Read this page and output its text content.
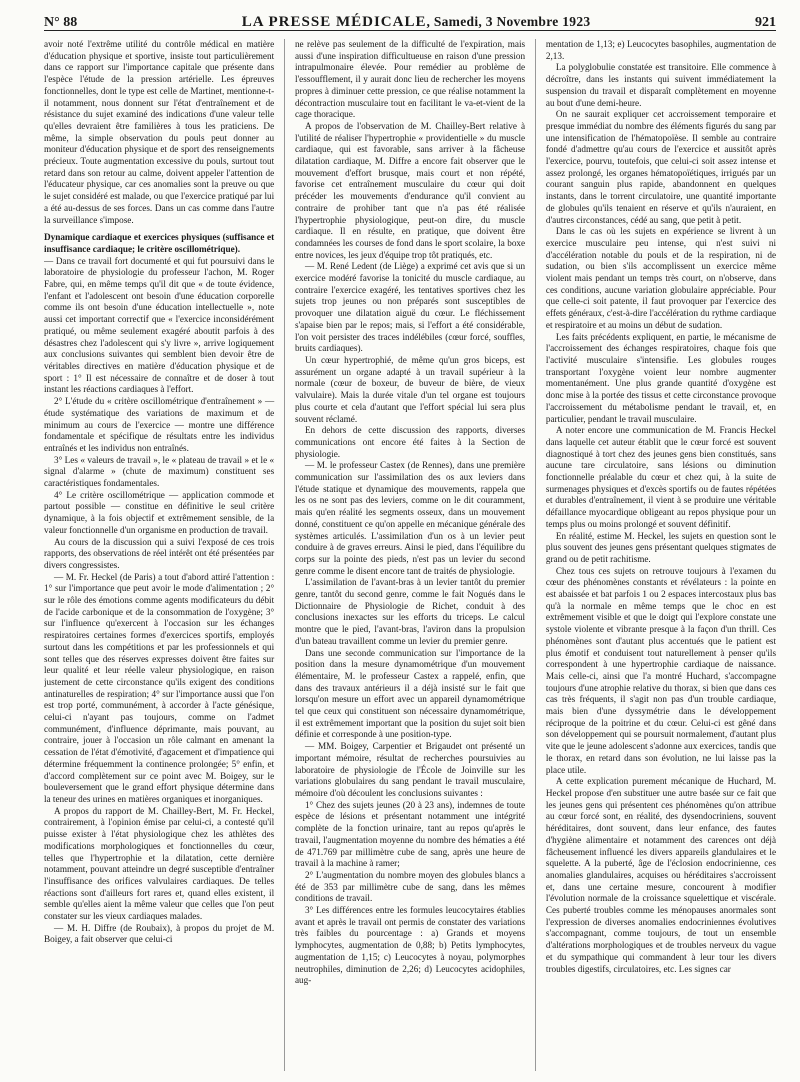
N° 88	LA PRESSE MÉDICALE, Samedi, 3 Novembre 1923	921

avoir noté l'extrême utilité du contrôle médical en matière d'éducation physique et sportive, insiste tout particulièrement dans ce rapport sur l'importance capitale que présente dans l'espèce l'étude de la pression artérielle. Les épreuves fonctionnelles, dont le type est celle de Martinet, mentionne-t-il notamment, nous donnent sur l'état d'entraînement et de résistance du sujet examiné des indications d'une valeur telle qu'elles devraient être familières à tous les praticiens. De même, la simple observation du pouls peut donner au moniteur d'éducation physique et de sport des renseignements précieux. Toute augmentation excessive du pouls, surtout tout retard dans son retour au calme, doivent appeler l'attention de l'éducateur physique, car ces anomalies sont la preuve ou que le sujet considéré est malade, ou que l'exercice pratiqué par lui a été au-dessus de ses forces. Dans un cas comme dans l'autre la surveillance s'impose.

Dynamique cardiaque et exercices physiques (suffisance et insuffisance cardiaque; le critère oscillométrique).

— Dans ce travail fort documenté et qui fut poursuivi dans le laboratoire de physiologie du professeur l'achon, M. Roger Fabre, qui, en même temps qu'il dit que « de toute évidence, l'enfant et l'adolescent ont besoin d'une éducation corporelle comme ils ont besoin d'une éducation intellectuelle », note aussi cet important correctif que « l'exercice inconsidérément pratiqué, ou même seulement exagéré aboutit parfois à des désastres chez l'adolescent qui s'y livre », arrive logiquement aux conclusions suivantes qui semblent bien devoir être de véritables directives en matière d'éducation physique et de sport : 1° Il est nécessaire de connaître et de doser à tout instant les réactions cardiaques à l'effort.

2° L'étude du « critère oscillométrique d'entraînement » — étude systématique des variations de maximum et de minimum au cours de l'exercice — montre une différence fondamentale et spécifique de résultats entre les individus entraînés et les individus non entraînés.

3° Les « valeurs de travail », le « plateau de travail » et le « signal d'alarme » (chute de maximum) constituent ses caractéristiques fondamentales.

4° Le critère oscillométrique — application commode et partout possible — constitue en définitive le seul critère dynamique, à la fois objectif et extrêmement sensible, de la valeur fonctionnelle d'un organisme en production de travail.

Au cours de la discussion qui a suivi l'exposé de ces trois rapports, des observations de réel intérêt ont été présentées par divers congressistes.

— M. Fr. Heckel (de Paris) a tout d'abord attiré l'attention : 1° sur l'importance que peut avoir le mode d'alimentation ; 2° sur le rôle des émotions comme agents modificateurs du débit de l'acide carbonique et de la consommation de l'oxygène; 3° sur l'influence qu'exercent à l'occasion sur les échanges respiratoires certaines formes d'exercices sportifs, employés surtout dans les compétitions et par les professionnels et qui sont telles que des réserves expresses doivent être faites sur leur qualité et leur réelle valeur physiologique, en raison justement de cette circonstance qu'ils exigent des conditions antinaturelles de respiration; 4° sur l'importance aussi que l'on est trop porté, communément, à accorder à l'acte génésique, celui-ci n'ayant pas toujours, comme on l'admet communément, d'influence déprimante, mais pouvant, au contraire, jouer à l'occasion un rôle calmant en amenant la cessation de l'état d'émotivité, d'agacement et d'impatience qui détermine fréquemment la continence prolongée; 5° enfin, et d'accord complètement sur ce point avec M. Boigey, sur le bouleversement que le grand effort physique détermine dans la teneur des urines en matières organiques et inorganiques.

A propos du rapport de M. Chailley-Bert, M. Fr. Heckel, contrairement, à l'opinion émise par celui-ci, a contesté qu'il puisse exister à l'état physiologique chez les athlètes des modifications morphologiques et fonctionnelles du cœur, telles que l'hypertrophie et la dilatation, cette dernière notamment, pouvant atteindre un degré susceptible d'entraîner l'insuffisance des orifices valvulaires cardiaques. De telles réactions sont d'ailleurs fort rares et, quand elles existent, il semble qu'elles aient la même valeur que celles que l'on peut constater sur les vieux cardiaques malades.

— M. H. Diffre (de Roubaix), à propos du projet de M. Boigey, a fait observer que celui-ci

ne relève pas seulement de la difficulté de l'expiration, mais aussi d'une inspiration difficultueuse en raison d'une pression intrapulmonaire élevée. Pour remédier au problème de l'essoufflement, il y aurait donc lieu de rechercher les moyens propres à diminuer cette pression, ce que réalise notamment la décontraction musculaire tout en facilitant le va-et-vient de la cage thoracique.

A propos de l'observation de M. Chailley-Bert relative à l'utilité de réaliser l'hypertrophie « providentielle » du muscle cardiaque, qui est favorable, sans arriver à la fâcheuse dilatation cardiaque, M. Diffre a encore fait observer que le mouvement d'effort brusque, mais court et non répété, favorise cet entraînement musculaire du cœur qui doit précéder les mouvements d'endurance qu'il convient au contraire de prohiber tant que n'a pas été réalisée l'hypertrophie physiologique, peut-on dire, du muscle cardiaque. Il en résulte, en pratique, que doivent être condamnées les courses de fond dans le sport scolaire, la boxe entre novices, les jeux d'équipe trop tôt pratiqués, etc.

— M. René Ledent (de Liège) a exprimé cet avis que si un exercice modéré favorise la tonicité du muscle cardiaque, au contraire l'exercice exagéré, les tentatives sportives chez les sujets trop jeunes ou non préparés sont susceptibles de provoquer une dilatation aiguë du cœur. Le fléchissement s'apaise bien par le repos; mais, si l'effort a été considérable, l'on voit persister des traces indélébiles (cœur forcé, souffles, bruits cardiaques).

Un cœur hypertrophié, de même qu'un gros biceps, est assurément un organe adapté à un travail supérieur à la normale (cœur de boxeur, de buveur de bière, de vieux valvulaire). Mais la durée vitale d'un tel organe est toujours plus courte et cela d'autant que l'effort spécial lui sera plus souvent réclamé.

En dehors de cette discussion des rapports, diverses communications ont encore été faites à la Section de physiologie.

— M. le professeur Castex (de Rennes), dans une première communication sur l'assimilation des os aux leviers dans l'étude statique et dynamique des mouvements, rappela que les os ne sont pas des leviers, comme on le dit couramment, mais qu'en réalité les segments osseux, dans un mouvement donné, constituent ce qu'on appelle en mécanique générale des systèmes articulés. L'assimilation d'un os à un levier peut conduire à de graves erreurs. Ainsi le pied, dans l'équilibre du corps sur la pointe des pieds, n'est pas un levier du second genre comme le disent encore tant de traités de physiologie.

L'assimilation de l'avant-bras à un levier tantôt du premier genre, tantôt du second genre, comme le fait Nogués dans le Dictionnaire de Physiologie de Richet, conduit à des conclusions inexactes sur les efforts du triceps. Le calcul montre que le pied, l'avant-bras, l'aviron dans la propulsion d'un bateau travaillent comme un levier du premier genre.

Dans une seconde communication sur l'importance de la position dans la mesure dynamométrique d'un mouvement élémentaire, M. le professeur Castex a rappelé, enfin, que dans des travaux antérieurs il a déjà insisté sur le fait que lorsqu'on mesure un effort avec un appareil dynamométrique tel que ceux qui constituent son nécessaire dynamométrique, il est extrêmement important que la position du sujet soit bien définie et corresponde à une position-type.

— MM. Boigey, Carpentier et Brigaudet ont présenté un important mémoire, résultat de recherches poursuivies au laboratoire de physiologie de l'École de Joinville sur les variations globulaires du sang pendant le travail musculaire, mémoire d'où découlent les conclusions suivantes :

1° Chez des sujets jeunes (20 à 23 ans), indemnes de toute espèce de lésions et présentant notamment une intégrité complète de la fonction urinaire, tant au repos qu'après le travail, l'augmentation moyenne du nombre des hématies a été de 471.769 par millimètre cube de sang, après une heure de travail à la machine à ramer;

2° L'augmentation du nombre moyen des globules blancs a été de 353 par millimètre cube de sang, dans les mêmes conditions de travail.

3° Les différences entre les formules leucocytaires établies avant et après le travail ont permis de constater des variations très faibles du pourcentage : a) Grands et moyens lymphocytes, augmentation de 0,88; b) Petits lymphocytes, augmentation de 1,15; c) Leucocytes à noyau, polymorphes neutrophiles, diminution de 2,26; d) Leucocytes acidophiles, aug-

mentation de 1,13; e) Leucocytes basophiles, augmentation de 2,13.

La polyglobulie constatée est transitoire. Elle commence à décroître, dans les instants qui suivent immédiatement la suspension du travail et disparaît complètement en moyenne au bout d'une demi-heure.

On ne saurait expliquer cet accroissement temporaire et presque immédiat du nombre des éléments figurés du sang par une intensification de l'hématopoïèse. Il semble au contraire fondé d'admettre qu'au cours de l'exercice et aussitôt après l'exercice, pourvu, toutefois, que celui-ci soit assez intense et assez prolongé, les organes hématopoïétiques, irrigués par un courant sanguin plus rapide, abandonnent en quelques instants, dans le torrent circulatoire, une quantité importante de globules qu'ils tenaient en réserve et qu'ils n'auraient, en d'autres circonstances, cédé au sang, que petit à petit.

Dans le cas où les sujets en expérience se livrent à un exercice musculaire peu intense, qui n'est suivi ni d'accélération notable du pouls et de la respiration, ni de sudation, ou bien s'ils accomplissent un exercice même violent mais pendant un temps très court, on n'observe, dans ces conditions, aucune variation globulaire appréciable. Pour que celle-ci soit patente, il faut provoquer par l'exercice des effets généraux, c'est-à-dire l'accélération du rythme cardiaque et respiratoire et au moins un début de sudation.

Les faits précédents expliquent, en partie, le mécanisme de l'accroissement des échanges respiratoires, chaque fois que l'activité musculaire s'intensifie. Les globules rouges transportant l'oxygène voient leur nombre augmenter momentanément. Une plus grande quantité d'oxygène est donc mise à la portée des tissus et cette circonstance provoque l'accroissement du métabolisme pendant le travail, et, en particulier, pendant le travail musculaire.

A noter encore une communication de M. Francis Heckel dans laquelle cet auteur établit que le cœur forcé est souvent diagnostiqué à tort chez des jeunes gens bien constitués, sans aucune tare circulatoire, sans lésions ou diminution fonctionnelle préalable du cœur et chez qui, à la suite de surmenages physiques et d'excès sportifs ou de fautes répétées et durables d'entraînement, il vient à se produire une véritable défaillance myocardique obligeant au repos physique pour un temps plus ou moins prolongé et souvent définitif.

En réalité, estime M. Heckel, les sujets en question sont le plus souvent des jeunes gens présentant quelques stigmates de grand ou de petit rachitisme.

Chez tous ces sujets on retrouve toujours à l'examen du cœur des phénomènes constants et révélateurs : la pointe en est abaissée et bat parfois 1 ou 2 espaces intercostaux plus bas qu'à la normale en même temps que le choc en est extrêmement visible et que le doigt qui l'explore constate une systole violente et vibrante presque à la façon d'un thrill. Ces phénomènes sont d'autant plus accentués que le patient est plus émotif et conduisent tout naturellement à penser qu'ils correspondent à une hypertrophie cardiaque de naissance. Mais celle-ci, ainsi que l'a montré Huchard, s'accompagne toujours d'une atrophie relative du thorax, si bien que dans ces cas très fréquents, il s'agit non pas d'un trouble cardiaque, mais bien d'une dyssymétrie dans le développement réciproque de la poitrine et du cœur. Celui-ci est gêné dans son développement qui se poursuit normalement, d'autant plus vite que le jeune adolescent s'adonne aux exercices, tandis que le thorax, en retard dans son évolution, ne lui laisse pas la place utile.

A cette explication purement mécanique de Huchard, M. Heckel propose d'en substituer une autre basée sur ce fait que les jeunes gens qui présentent ces phénomènes qu'on attribue au cœur forcé sont, en réalité, des dysendocriniens, souvent héréditaires, dont souvent, dans leur enfance, des fautes d'hygiène alimentaire et notamment des carences ont déjà fâcheusement influencé les divers appareils glandulaires et le squelette. A la puberté, âge de l'éclosion endocrinienne, ces anomalies glandulaires, acquises ou héréditaires s'accroissent et, dans une certaine mesure, concourent à modifier l'évolution normale de la croissance squelettique et viscérale. Ces puberté troubles comme les ménopauses anormales sont l'expression de diverses anomalies endocriniennes évolutives s'accompagnant, comme toujours, de tout un ensemble d'altérations morphologiques et de troubles nerveux du vague et du sympathique qui commandent à leur tour les divers troubles digestifs, circulatoires, etc. Les signes car
